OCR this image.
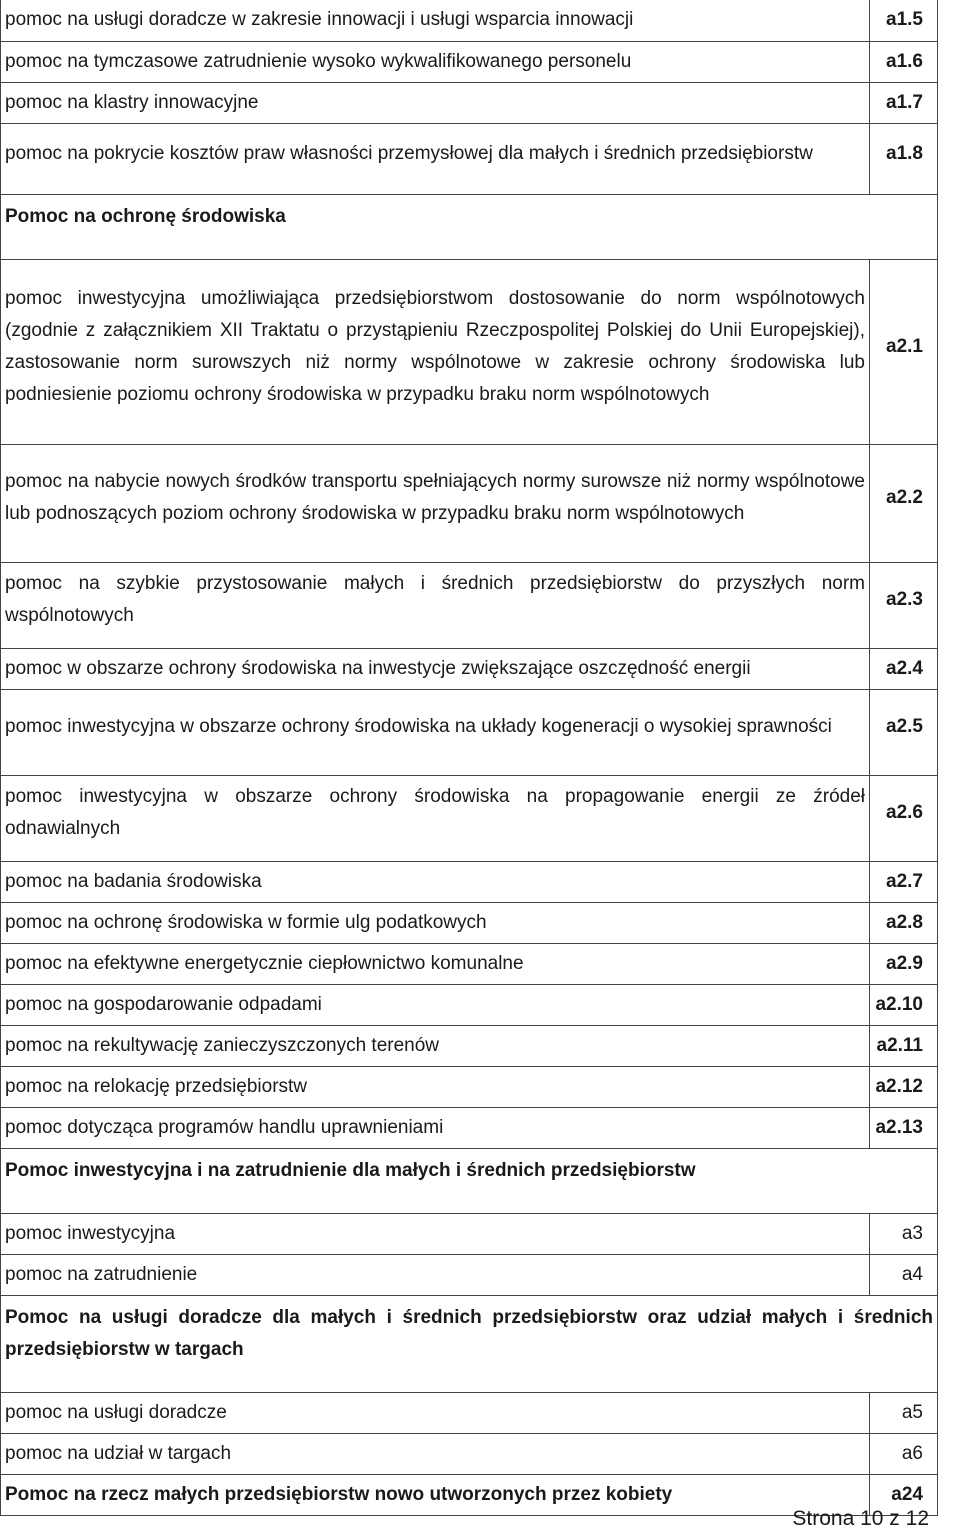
pomoc na usługi doradcze w zakresie innowacji i usługi wsparcia innowacji	a1.5
pomoc na tymczasowe zatrudnienie wysoko wykwalifikowanego personelu	a1.6
pomoc na klastry innowacyjne	a1.7
pomoc na pokrycie kosztów praw własności przemysłowej dla małych i średnich przedsiębiorstw	a1.8
Pomoc na ochronę środowiska	
pomoc inwestycyjna umożliwiająca przedsiębiorstwom dostosowanie do norm wspólnotowych (zgodnie z załącznikiem XII Traktatu o przystąpieniu Rzeczpospolitej Polskiej do Unii Europejskiej), zastosowanie norm surowszych niż normy wspólnotowe w zakresie ochrony środowiska lub podniesienie poziomu ochrony środowiska w przypadku braku norm wspólnotowych	a2.1
pomoc na nabycie nowych środków transportu spełniających normy surowsze niż normy wspólnotowe lub podnoszących poziom ochrony środowiska w przypadku braku norm wspólnotowych	a2.2
pomoc na szybkie przystosowanie małych i średnich przedsiębiorstw do przyszłych norm wspólnotowych	a2.3
pomoc w obszarze ochrony środowiska na inwestycje zwiększające oszczędność energii	a2.4
pomoc inwestycyjna w obszarze ochrony środowiska na układy kogeneracji o wysokiej sprawności	a2.5
pomoc inwestycyjna w obszarze ochrony środowiska na propagowanie energii ze źródeł odnawialnych	a2.6
pomoc na badania środowiska	a2.7
pomoc na ochronę środowiska w formie ulg podatkowych	a2.8
pomoc na efektywne energetycznie ciepłownictwo komunalne	a2.9
pomoc na gospodarowanie odpadami	a2.10
pomoc na rekultywację zanieczyszczonych terenów	a2.11
pomoc na relokację przedsiębiorstw	a2.12
pomoc dotycząca programów handlu uprawnieniami	a2.13
Pomoc inwestycyjna i na zatrudnienie dla małych i średnich przedsiębiorstw	
pomoc inwestycyjna	a3
pomoc na zatrudnienie	a4
Pomoc na usługi doradcze dla małych i średnich przedsiębiorstw oraz udział małych i średnich przedsiębiorstw w targach	
pomoc na usługi doradcze	a5
pomoc na udział w targach	a6
Pomoc na rzecz małych przedsiębiorstw nowo utworzonych przez kobiety	a24
Strona 10 z 12
